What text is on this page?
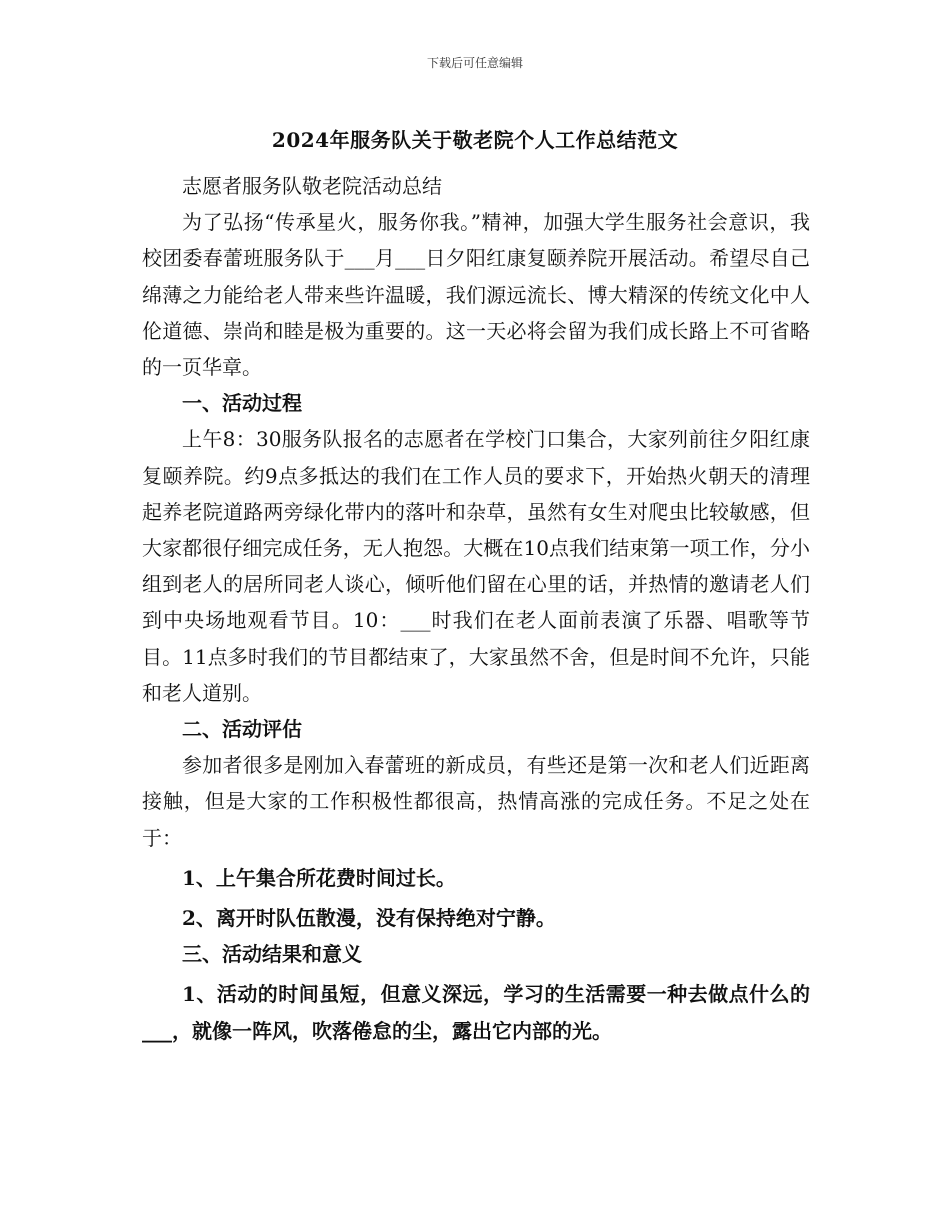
下载后可任意编辑
2024年服务队关于敬老院个人工作总结范文

志愿者服务队敬老院活动总结

为了弘扬“传承星火，服务你我。”精神，加强大学生服务社会意识，我校团委春蕾班服务队于___月___日夕阳红康复颐养院开展活动。希望尽自己绵薄之力能给老人带来些许温暖，我们源远流长、博大精深的传统文化中人伦道德、崇尚和睦是极为重要的。这一天必将会留为我们成长路上不可省略的一页华章。

一、活动过程

上午8：30服务队报名的志愿者在学校门口集合，大家列前往夕阳红康复颐养院。约9点多抵达的我们在工作人员的要求下，开始热火朝天的清理起养老院道路两旁绿化带内的落叶和杂草，虽然有女生对爬虫比较敏感，但大家都很仔细完成任务，无人抱怨。大概在10点我们结束第一项工作，分小组到老人的居所同老人谈心，倾听他们留在心里的话，并热情的邀请老人们到中央场地观看节目。10：___时我们在老人面前表演了乐器、唱歌等节目。11点多时我们的节目都结束了，大家虽然不舍，但是时间不允许，只能和老人道别。

二、活动评估

参加者很多是刚加入春蕾班的新成员，有些还是第一次和老人们近距离接触，但是大家的工作积极性都很高，热情高涨的完成任务。不足之处在于：

1、上午集合所花费时间过长。

2、离开时队伍散漫，没有保持绝对宁静。

三、活动结果和意义

1、活动的时间虽短，但意义深远，学习的生活需要一种去做点什么的___，就像一阵风，吹落倦怠的尘，露出它内部的光。
